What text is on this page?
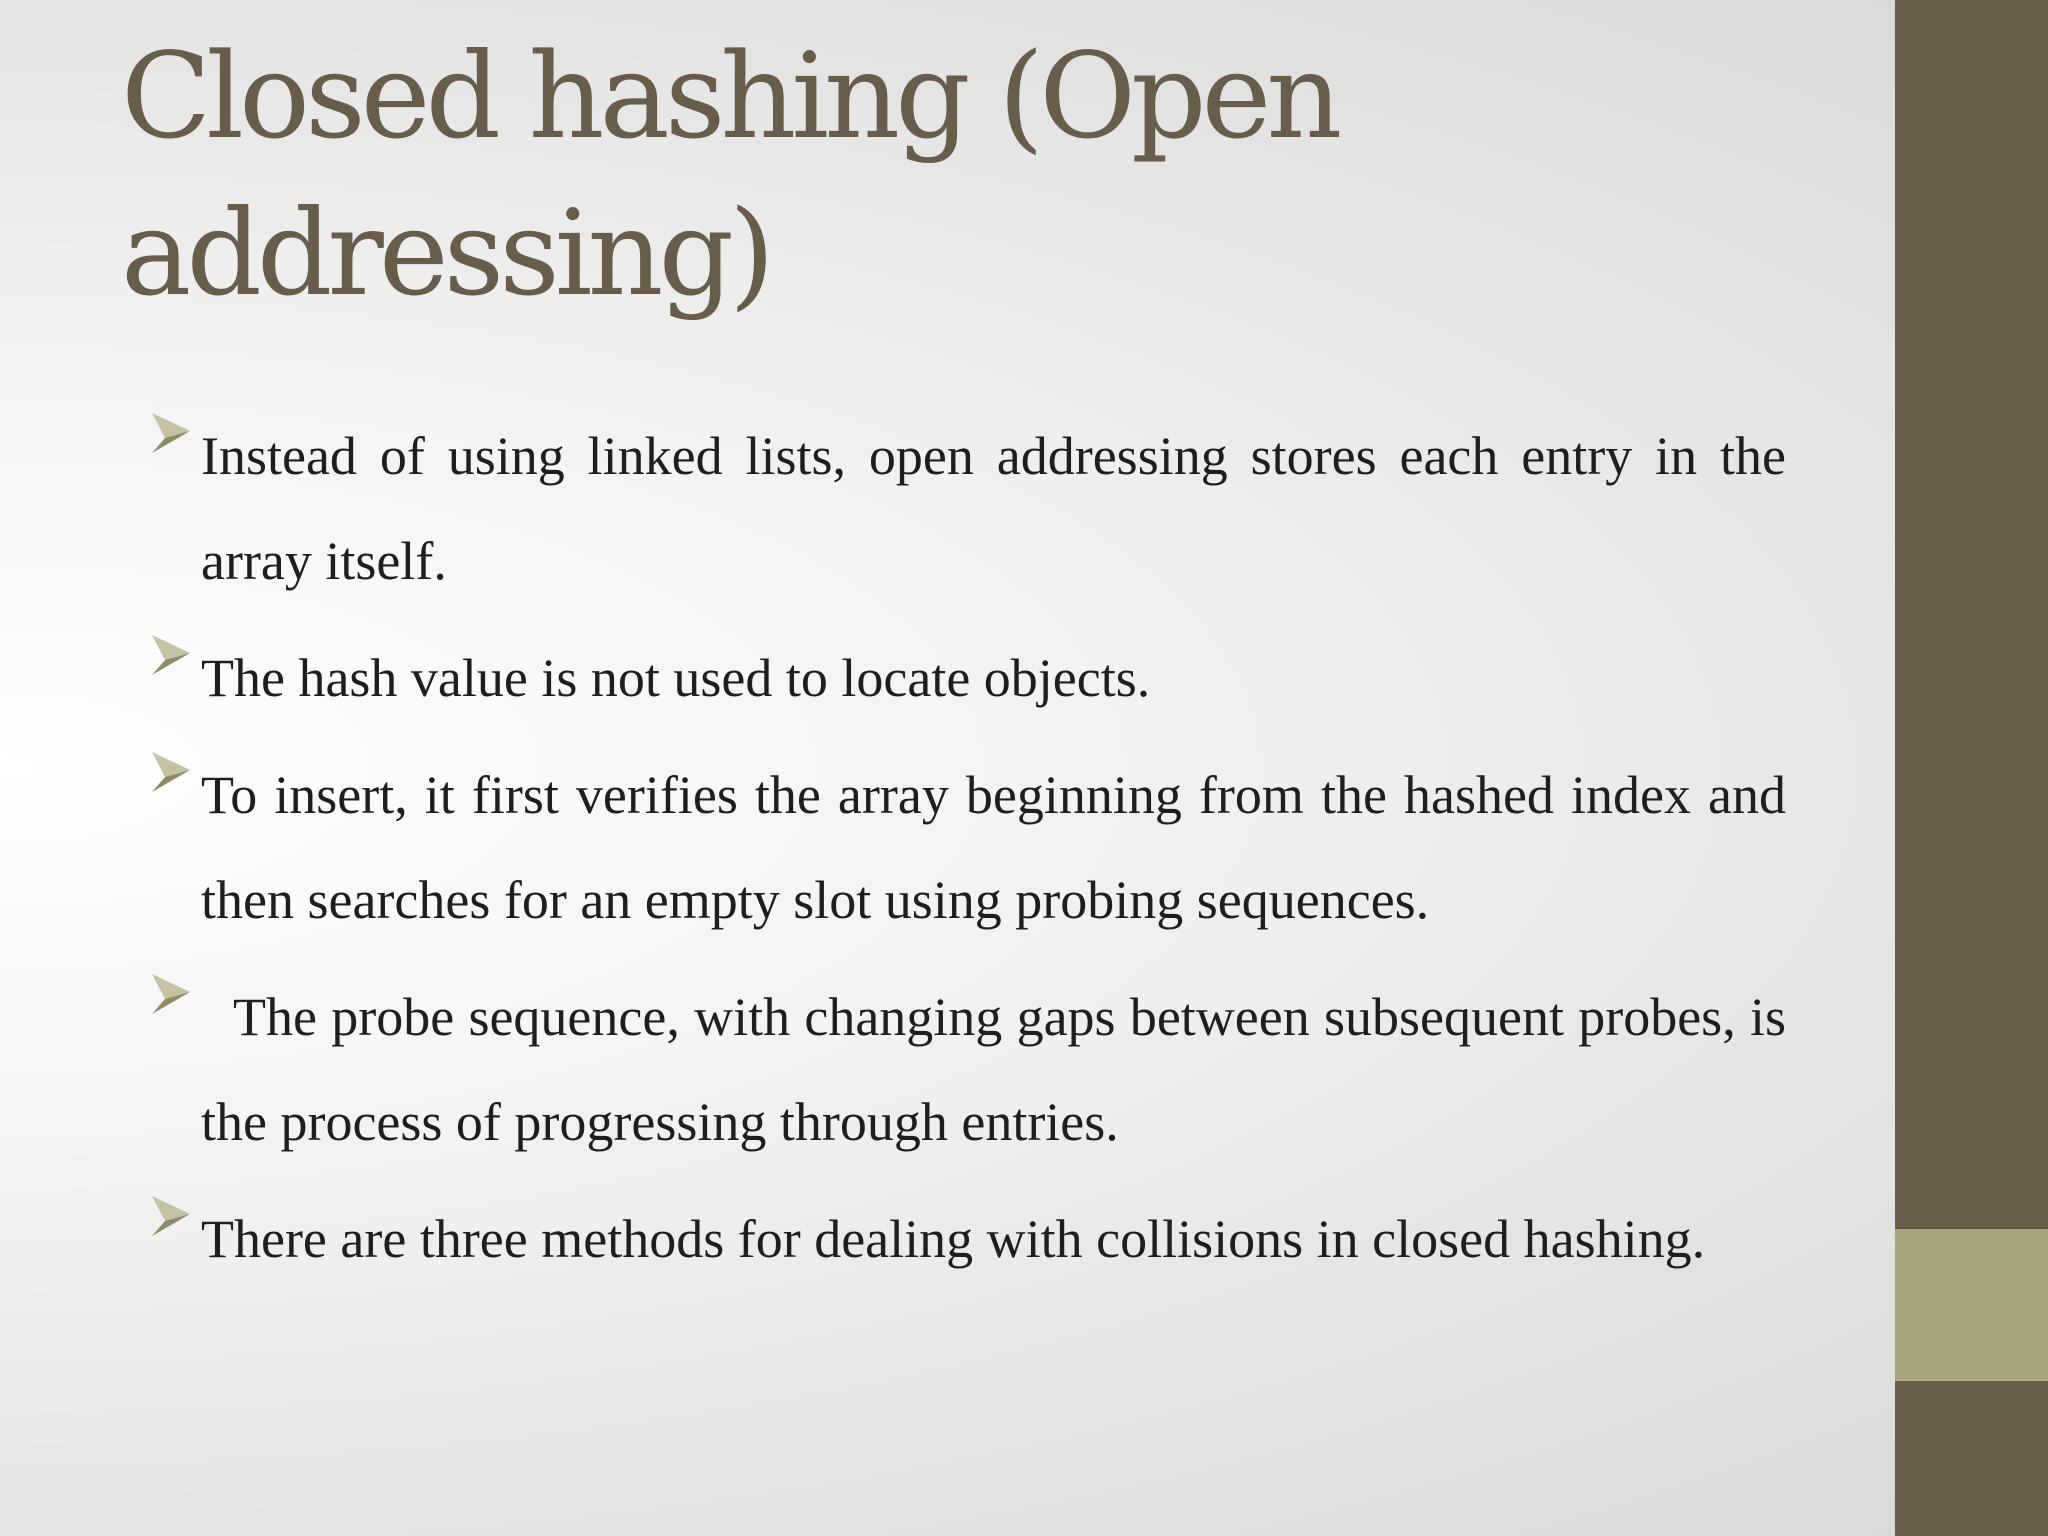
Closed hashing (Open addressing)
Instead of using linked lists, open addressing stores each entry in the array itself.
The hash value is not used to locate objects.
To insert, it first verifies the array beginning from the hashed index and then searches for an empty slot using probing sequences.
The probe sequence, with changing gaps between subsequent probes, is the process of progressing through entries.
There are three methods for dealing with collisions in closed hashing.
